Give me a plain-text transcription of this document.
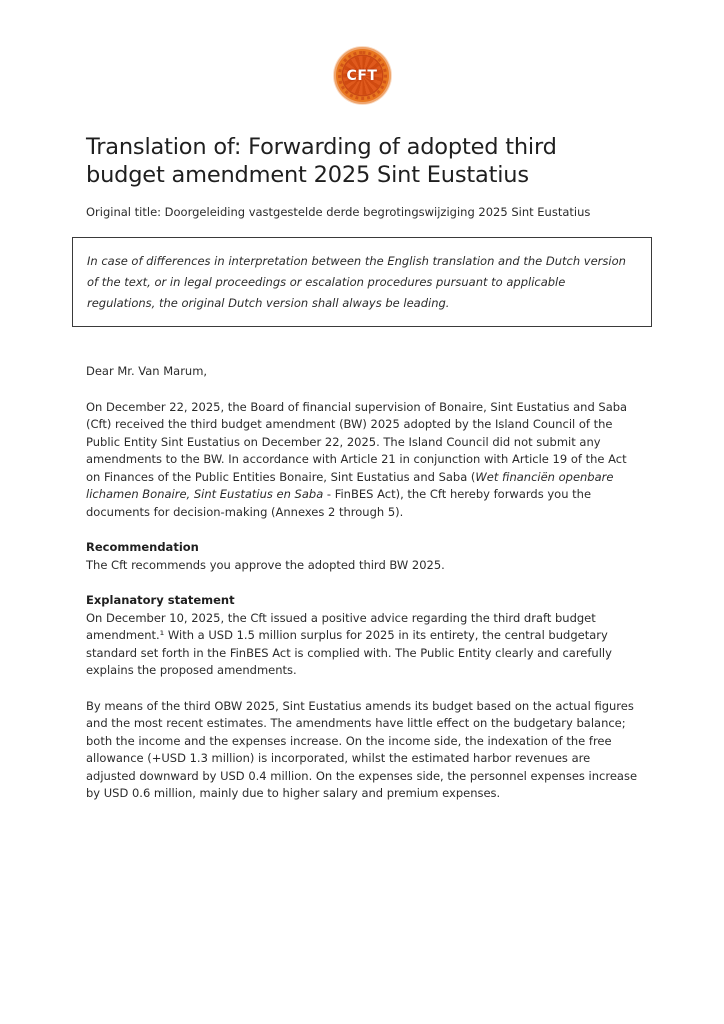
CFT
Translation of: Forwarding of adopted third budget amendment 2025 Sint Eustatius
Original title: Doorgeleiding vastgestelde derde begrotingswijziging 2025 Sint Eustatius
In case of differences in interpretation between the English translation and the Dutch version of the text, or in legal proceedings or escalation procedures pursuant to applicable regulations, the original Dutch version shall always be leading.
Dear Mr. Van Marum,

On December 22, 2025, the Board of financial supervision of Bonaire, Sint Eustatius and Saba (Cft) received the third budget amendment (BW) 2025 adopted by the Island Council of the Public Entity Sint Eustatius on December 22, 2025. The Island Council did not submit any amendments to the BW. In accordance with Article 21 in conjunction with Article 19 of the Act on Finances of the Public Entities Bonaire, Sint Eustatius and Saba (Wet financiën openbare lichamen Bonaire, Sint Eustatius en Saba - FinBES Act), the Cft hereby forwards you the documents for decision-making (Annexes 2 through 5).

Recommendation

The Cft recommends you approve the adopted third BW 2025.

Explanatory statement

On December 10, 2025, the Cft issued a positive advice regarding the third draft budget amendment.¹ With a USD 1.5 million surplus for 2025 in its entirety, the central budgetary standard set forth in the FinBES Act is complied with. The Public Entity clearly and carefully explains the proposed amendments.

By means of the third OBW 2025, Sint Eustatius amends its budget based on the actual figures and the most recent estimates. The amendments have little effect on the budgetary balance; both the income and the expenses increase. On the income side, the indexation of the free allowance (+USD 1.3 million) is incorporated, whilst the estimated harbor revenues are adjusted downward by USD 0.4 million. On the expenses side, the personnel expenses increase by USD 0.6 million, mainly due to higher salary and premium expenses.
